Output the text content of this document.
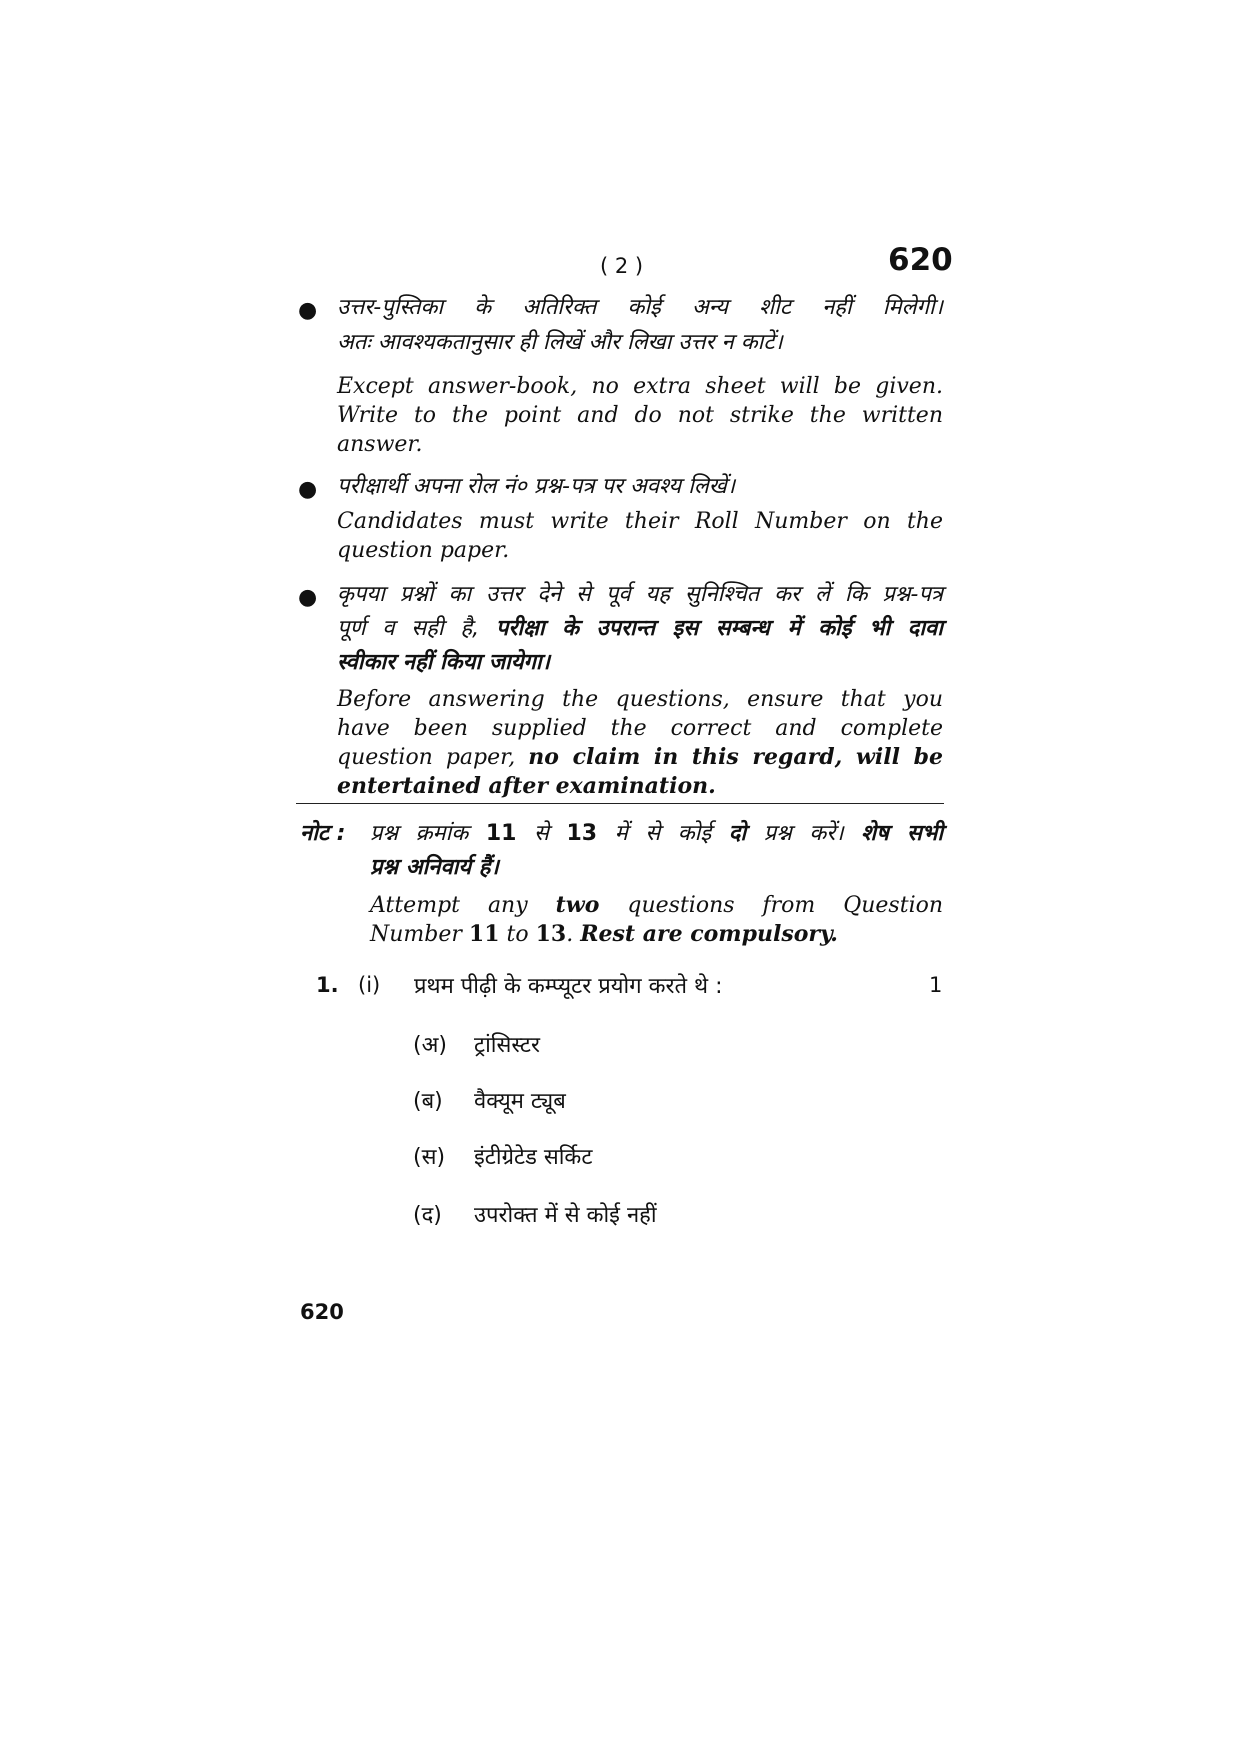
( 2 )	620
● उत्तर-पुस्तिका के अतिरिक्त कोई अन्य शीट नहीं मिलेगी।
अतः आवश्यकतानुसार ही लिखें और लिखा उत्तर न काटें।
Except answer-book, no extra sheet will be given.
Write to the point and do not strike the written
answer.
● परीक्षार्थी अपना रोल नं० प्रश्न-पत्र पर अवश्य लिखें।
Candidates must write their Roll Number on the
question paper.
● कृपया प्रश्नों का उत्तर देने से पूर्व यह सुनिश्चित कर लें कि प्रश्न-पत्र
पूर्ण व सही है, परीक्षा के उपरान्त इस सम्बन्ध में कोई भी दावा
स्वीकार नहीं किया जायेगा।
Before answering the questions, ensure that you
have been supplied the correct and complete
question paper, no claim in this regard, will be
entertained after examination.
नोट : प्रश्न क्रमांक 11 से 13 में से कोई दो प्रश्न करें। शेष सभी
प्रश्न अनिवार्य हैं।
Attempt any two questions from Question
Number 11 to 13. Rest are compulsory.
1. (i) प्रथम पीढ़ी के कम्प्यूटर प्रयोग करते थे :	1
(अ) ट्रांसिस्टर
(ब) वैक्यूम ट्यूब
(स) इंटीग्रेटेड सर्किट
(द) उपरोक्त में से कोई नहीं
620
